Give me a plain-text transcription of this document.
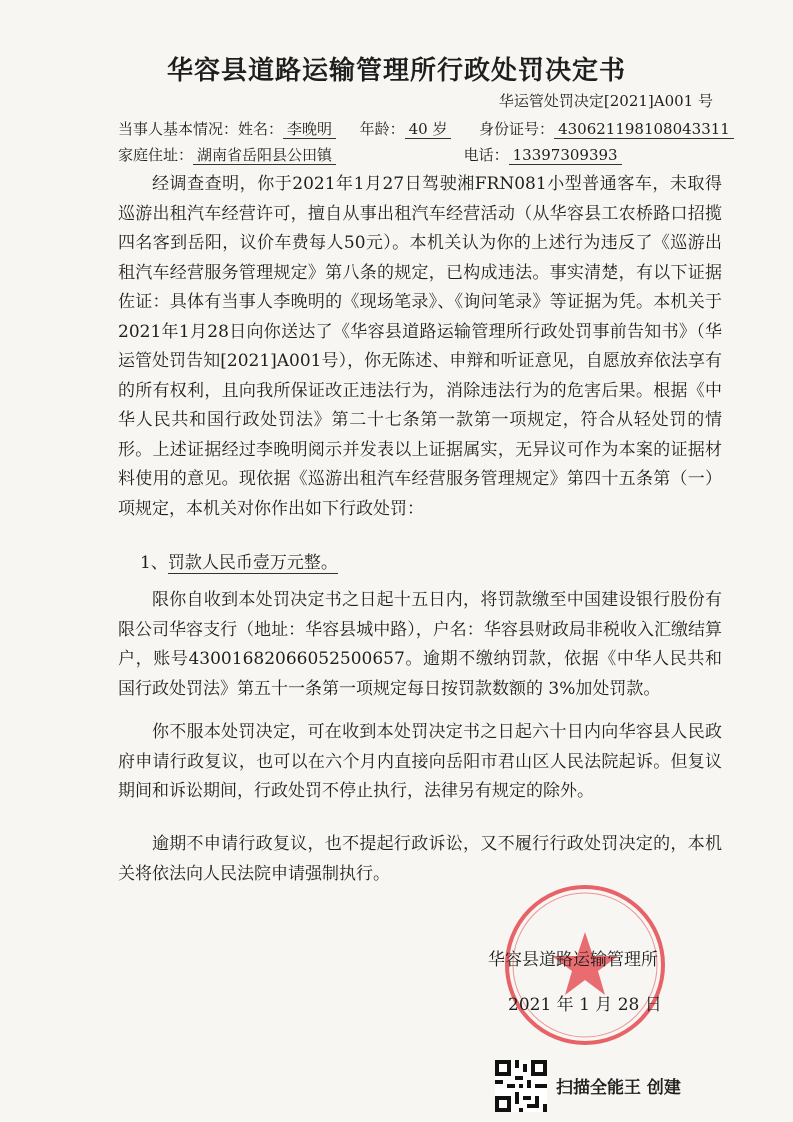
华容县道路运输管理所行政处罚决定书
华运管处罚决定[2021]A001 号
当事人基本情况：姓名： 李晚明 年龄： 40 岁 身份证号： 430621198108043311
家庭住址： 湖南省岳阳县公田镇	电话： 13397309393

经调查查明，你于2021年1月27日驾驶湘FRN081小型普通客车，未取得巡游出租汽车经营许可，擅自从事出租汽车经营活动（从华容县工农桥路口招揽四名客到岳阳，议价车费每人50元）。本机关认为你的上述行为违反了《巡游出租汽车经营服务管理规定》第八条的规定，已构成违法。事实清楚，有以下证据佐证：具体有当事人李晚明的《现场笔录》、《询问笔录》等证据为凭。本机关于2021年1月28日向你送达了《华容县道路运输管理所行政处罚事前告知书》（华运管处罚告知[2021]A001号），你无陈述、申辩和听证意见，自愿放弃依法享有的所有权利，且向我所保证改正违法行为，消除违法行为的危害后果。根据《中华人民共和国行政处罚法》第二十七条第一款第一项规定，符合从轻处罚的情形。上述证据经过李晚明阅示并发表以上证据属实，无异议可作为本案的证据材料使用的意见。现依据《巡游出租汽车经营服务管理规定》第四十五条第（一）项规定，本机关对你作出如下行政处罚：

1、罚款人民币壹万元整。

限你自收到本处罚决定书之日起十五日内，将罚款缴至中国建设银行股份有限公司华容支行（地址：华容县城中路），户名：华容县财政局非税收入汇缴结算户，账号43001682066052500657。逾期不缴纳罚款，依据《中华人民共和国行政处罚法》第五十一条第一项规定每日按罚款数额的 3%加处罚款。

你不服本处罚决定，可在收到本处罚决定书之日起六十日内向华容县人民政府申请行政复议，也可以在六个月内直接向岳阳市君山区人民法院起诉。但复议期间和诉讼期间，行政处罚不停止执行，法律另有规定的除外。

逾期不申请行政复议，也不提起行政诉讼，又不履行行政处罚决定的，本机关将依法向人民法院申请强制执行。

华容县道路运输管理所
2021 年 1 月 28 日
扫描全能王 创建
